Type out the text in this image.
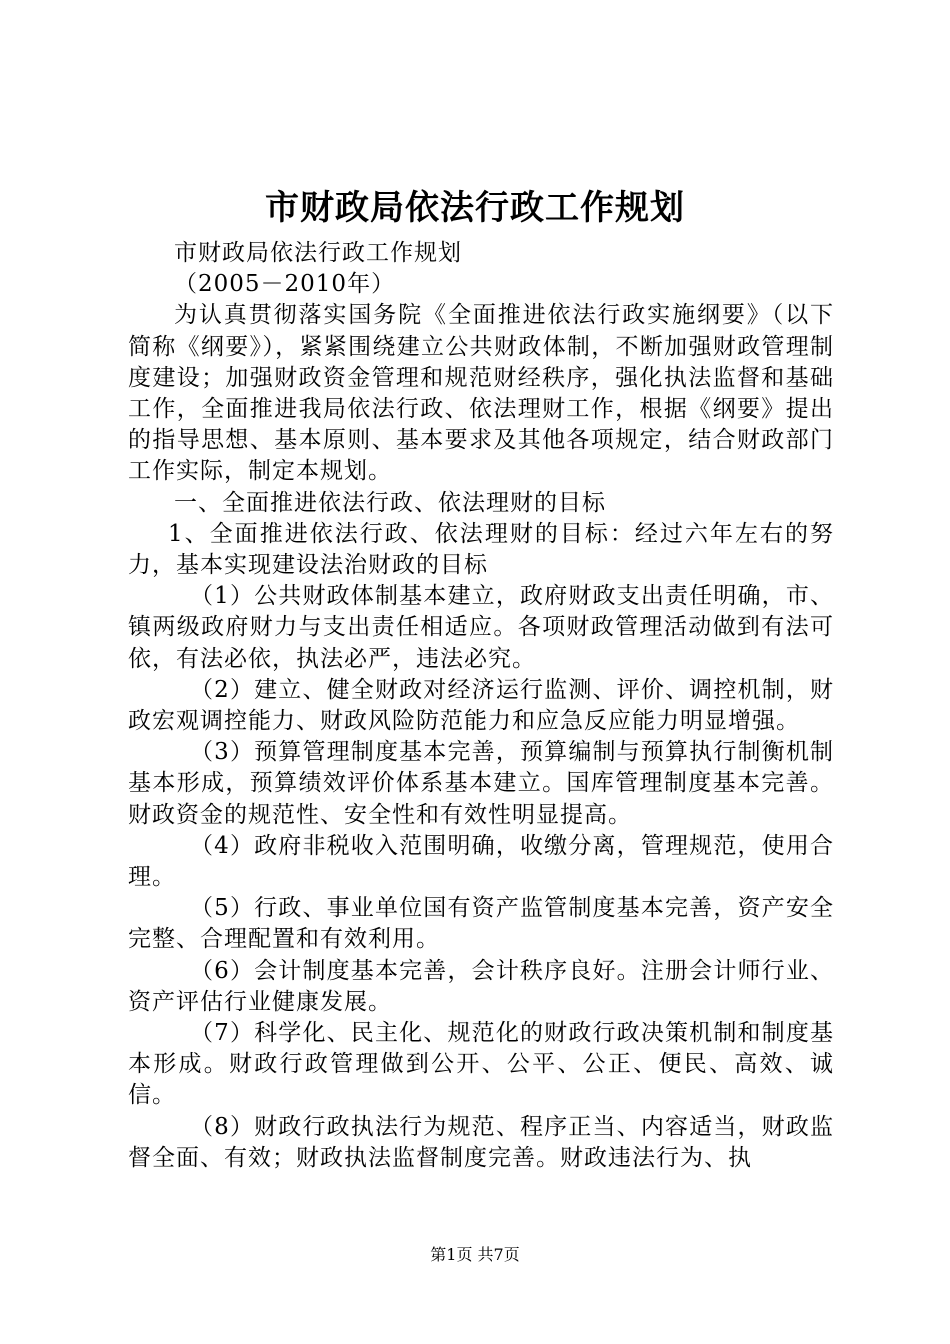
市财政局依法行政工作规划

市财政局依法行政工作规划

（2005－2010年）

为认真贯彻落实国务院《全面推进依法行政实施纲要》（以下简称《纲要》），紧紧围绕建立公共财政体制，不断加强财政管理制度建设；加强财政资金管理和规范财经秩序，强化执法监督和基础工作，全面推进我局依法行政、依法理财工作，根据《纲要》提出的指导思想、基本原则、基本要求及其他各项规定，结合财政部门工作实际，制定本规划。

一、全面推进依法行政、依法理财的目标

1、全面推进依法行政、依法理财的目标：经过六年左右的努力，基本实现建设法治财政的目标

（1）公共财政体制基本建立，政府财政支出责任明确，市、镇两级政府财力与支出责任相适应。各项财政管理活动做到有法可依，有法必依，执法必严，违法必究。

（2）建立、健全财政对经济运行监测、评价、调控机制，财政宏观调控能力、财政风险防范能力和应急反应能力明显增强。

（3）预算管理制度基本完善，预算编制与预算执行制衡机制基本形成，预算绩效评价体系基本建立。国库管理制度基本完善。财政资金的规范性、安全性和有效性明显提高。

（4）政府非税收入范围明确，收缴分离，管理规范，使用合理。

（5）行政、事业单位国有资产监管制度基本完善，资产安全完整、合理配置和有效利用。

（6）会计制度基本完善，会计秩序良好。注册会计师行业、资产评估行业健康发展。

（7）科学化、民主化、规范化的财政行政决策机制和制度基本形成。财政行政管理做到公开、公平、公正、便民、高效、诚信。

（8）财政行政执法行为规范、程序正当、内容适当，财政监督全面、有效；财政执法监督制度完善。财政违法行为、执

第1页 共7页
